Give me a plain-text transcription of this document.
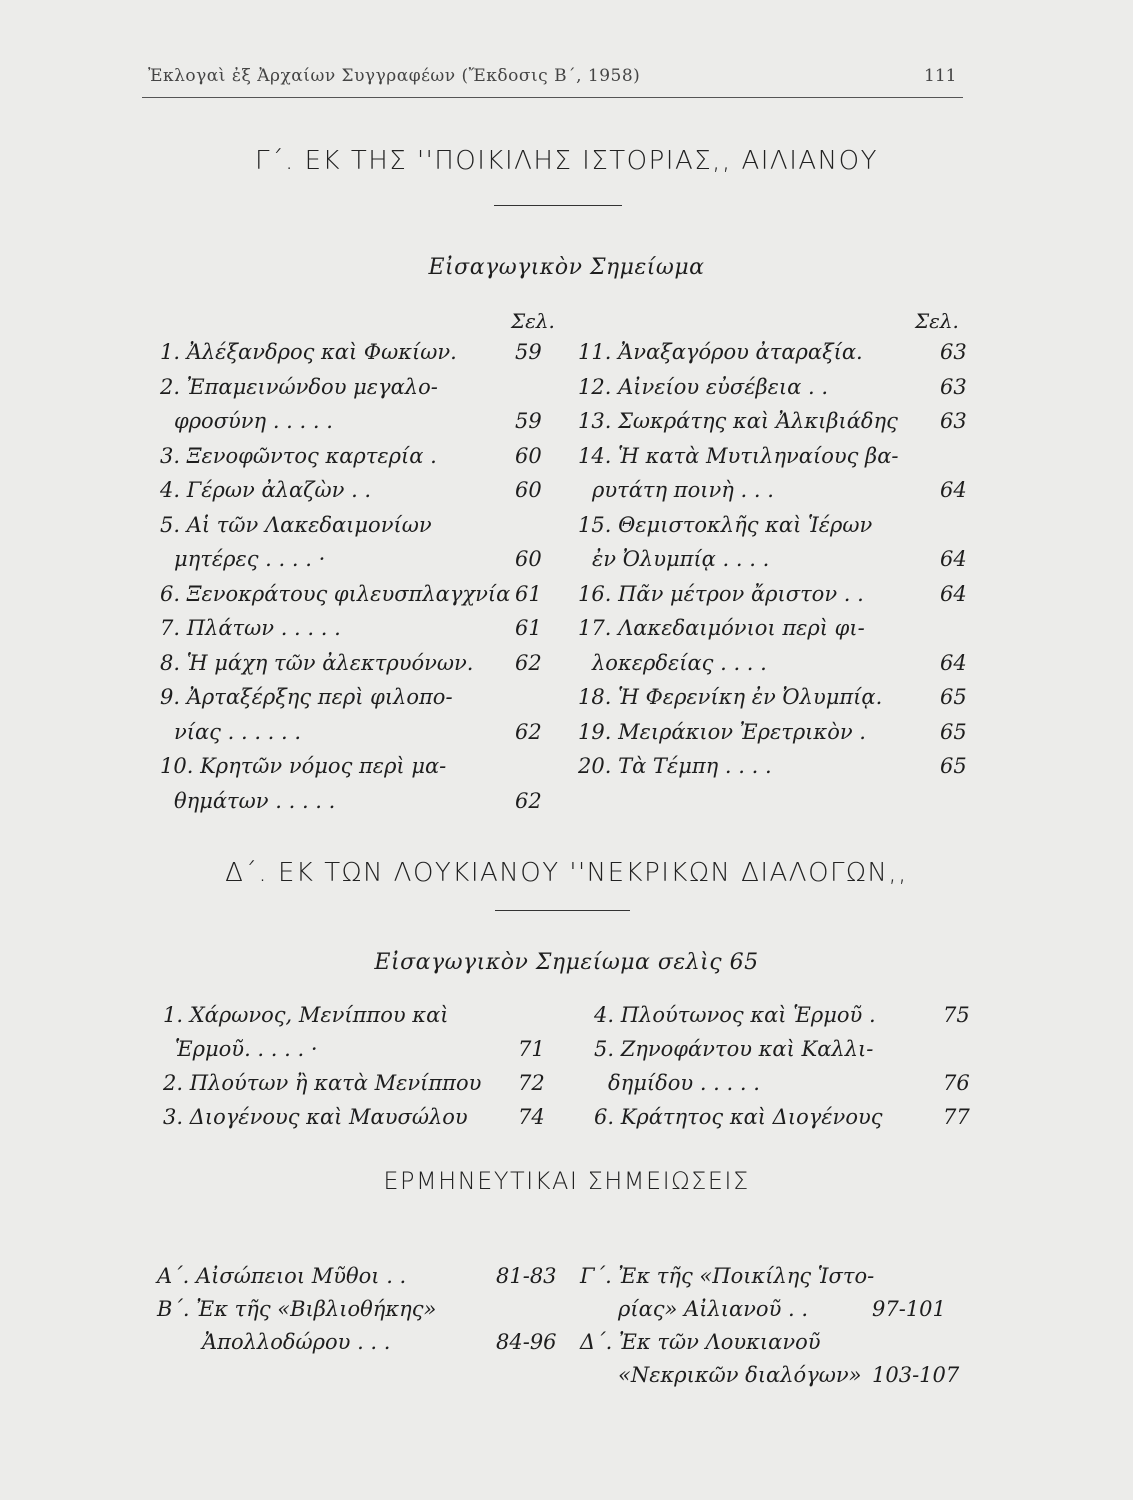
Ἐκλογαὶ ἐξ Ἀρχαίων Συγγραφέων (Ἔκδοσις Β΄, 1958)	111
Γ΄. ΕΚ ΤΗΣ ''ΠΟΙΚΙΛΗΣ ΙΣΤΟΡΙΑΣ,, ΑΙΛΙΑΝΟΥ
Εἰσαγωγικὸν Σημείωμα
Σελ.	Σελ.
1. Ἀλέξανδρος καὶ Φωκίων.	59
2. Ἐπαμεινώνδου μεγαλο-
φροσύνη . . . . .	59
3. Ξενοφῶντος καρτερία .	60
4. Γέρων ἀλαζὼν . .	60
5. Αἱ τῶν Λακεδαιμονίων
μητέρες . . . . ·	60
6. Ξενοκράτους φιλευσπλαγχνία 61
7. Πλάτων . . . . .	61
8. Ἡ μάχη τῶν ἀλεκτρυόνων. 62
9. Ἀρταξέρξης περὶ φιλοπο-
νίας . . . . . .	62
10. Κρητῶν νόμος περὶ μα-
θημάτων . . . . .	62
11. Ἀναξαγόρου ἀταραξία.	63
12. Αἰνείου εὐσέβεια . .	63
13. Σωκράτης καὶ Ἀλκιβιάδης 63
14. Ἡ κατὰ Μυτιληναίους βα-
ρυτάτη ποινὴ . . .	64
15. Θεμιστοκλῆς καὶ Ἱέρων
ἐν Ὀλυμπίᾳ . . . .	64
16. Πᾶν μέτρον ἄριστον . .	64
17. Λακεδαιμόνιοι περὶ φι-
λοκερδείας . . . .	64
18. Ἡ Φερενίκη ἐν Ὀλυμπίᾳ.	65
19. Μειράκιον Ἐρετρικὸν .	65
20. Τὰ Τέμπη . . . .	65
Δ΄. ΕΚ ΤΩΝ ΛΟΥΚΙΑΝΟΥ ''ΝΕΚΡΙΚΩΝ ΔΙΑΛΟΓΩΝ,,
Εἰσαγωγικὸν Σημείωμα σελὶς 65
1. Χάρωνος, Μενίππου καὶ
Ἑρμοῦ. . . . . ·	71
2. Πλούτων ἢ κατὰ Μενίππου 72
3. Διογένους καὶ Μαυσώλου 74
4. Πλούτωνος καὶ Ἑρμοῦ .	75
5. Ζηνοφάντου καὶ Καλλι-
δημίδου . . . . .	76
6. Κράτητος καὶ Διογένους	77
ΕΡΜΗΝΕΥΤΙΚΑΙ ΣΗΜΕΙΩΣΕΙΣ
Α΄. Αἰσώπειοι Μῦθοι . .	81-83
Β΄. Ἐκ τῆς «Βιβλιοθήκης»
Ἀπολλοδώρου . . .	84-96
Γ΄. Ἐκ τῆς «Ποικίλης Ἱστο-
ρίας» Αἰλιανοῦ . .	97-101
Δ΄. Ἐκ τῶν Λουκιανοῦ
«Νεκρικῶν διαλόγων» 103-107
